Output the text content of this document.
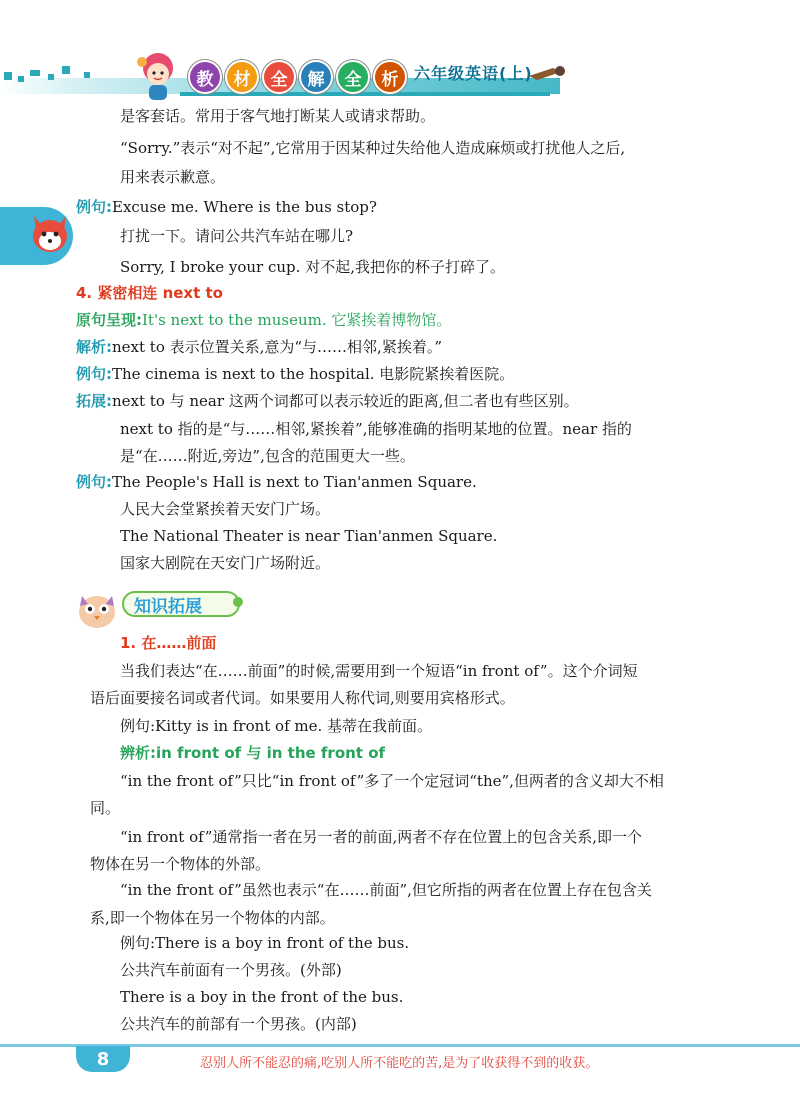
教	材	全	解	全	析 六年级英语(上)
是客套话。常用于客气地打断某人或请求帮助。
“Sorry.”表示“对不起”,它常用于因某种过失给他人造成麻烦或打扰他人之后,
用来表示歉意。
例句:Excuse me. Where is the bus stop?
打扰一下。请问公共汽车站在哪儿?
Sorry, I broke your cup. 对不起,我把你的杯子打碎了。
4. 紧密相连 next to
原句呈现:It's next to the museum. 它紧挨着博物馆。
解析:next to 表示位置关系,意为“与……相邻,紧挨着。”
例句:The cinema is next to the hospital. 电影院紧挨着医院。
拓展:next to 与 near 这两个词都可以表示较近的距离,但二者也有些区别。
next to 指的是“与……相邻,紧挨着”,能够准确的指明某地的位置。near 指的
是“在……附近,旁边”,包含的范围更大一些。
例句:The People's Hall is next to Tian'anmen Square.
人民大会堂紧挨着天安门广场。
The National Theater is near Tian'anmen Square.
国家大剧院在天安门广场附近。
知识拓展
1. 在……前面
当我们表达“在……前面”的时候,需要用到一个短语“in front of”。这个介词短
语后面要接名词或者代词。如果要用人称代词,则要用宾格形式。
例句:Kitty is in front of me. 基蒂在我前面。
辨析:in front of 与 in the front of
“in the front of”只比“in front of”多了一个定冠词“the”,但两者的含义却大不相
同。
“in front of”通常指一者在另一者的前面,两者不存在位置上的包含关系,即一个
物体在另一个物体的外部。
“in the front of”虽然也表示“在……前面”,但它所指的两者在位置上存在包含关
系,即一个物体在另一个物体的内部。
例句:There is a boy in front of the bus.
公共汽车前面有一个男孩。(外部)
There is a boy in the front of the bus.
公共汽车的前部有一个男孩。(内部)
8	忍别人所不能忍的痛,吃别人所不能吃的苦,是为了收获得不到的收获。
